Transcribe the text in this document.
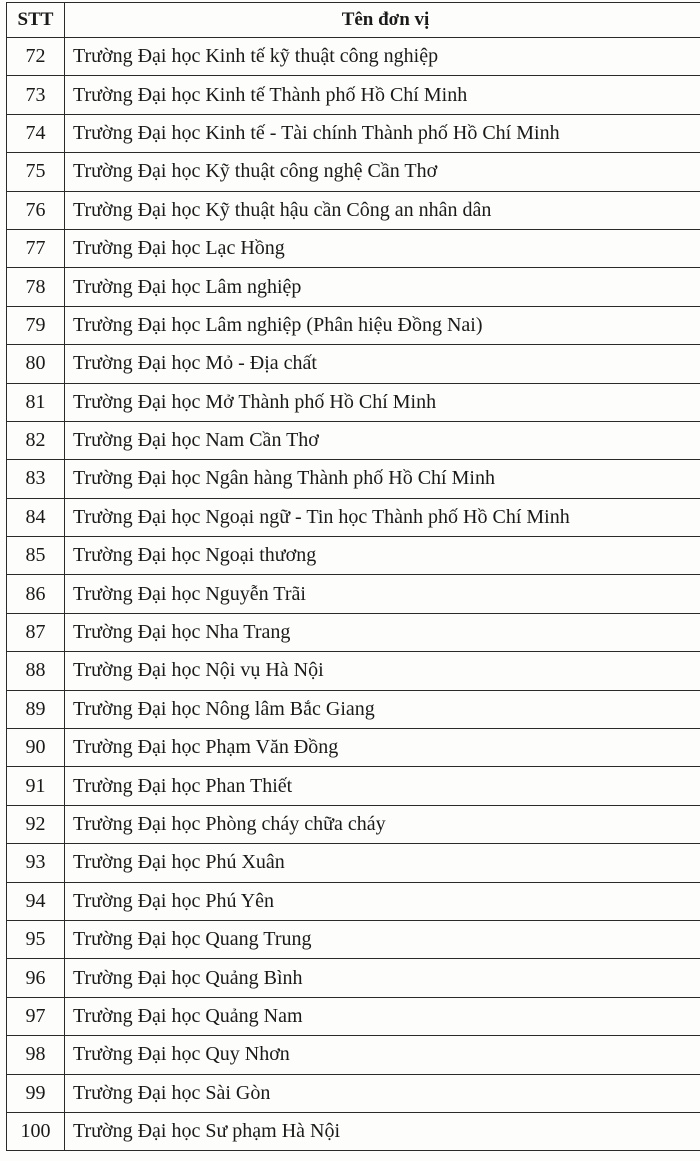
STT	Tên đơn vị
72	Trường Đại học Kinh tế kỹ thuật công nghiệp
73	Trường Đại học Kinh tế Thành phố Hồ Chí Minh
74	Trường Đại học Kinh tế - Tài chính Thành phố Hồ Chí Minh
75	Trường Đại học Kỹ thuật công nghệ Cần Thơ
76	Trường Đại học Kỹ thuật hậu cần Công an nhân dân
77	Trường Đại học Lạc Hồng
78	Trường Đại học Lâm nghiệp
79	Trường Đại học Lâm nghiệp (Phân hiệu Đồng Nai)
80	Trường Đại học Mỏ - Địa chất
81	Trường Đại học Mở Thành phố Hồ Chí Minh
82	Trường Đại học Nam Cần Thơ
83	Trường Đại học Ngân hàng Thành phố Hồ Chí Minh
84	Trường Đại học Ngoại ngữ - Tin học Thành phố Hồ Chí Minh
85	Trường Đại học Ngoại thương
86	Trường Đại học Nguyễn Trãi
87	Trường Đại học Nha Trang
88	Trường Đại học Nội vụ Hà Nội
89	Trường Đại học Nông lâm Bắc Giang
90	Trường Đại học Phạm Văn Đồng
91	Trường Đại học Phan Thiết
92	Trường Đại học Phòng cháy chữa cháy
93	Trường Đại học Phú Xuân
94	Trường Đại học Phú Yên
95	Trường Đại học Quang Trung
96	Trường Đại học Quảng Bình
97	Trường Đại học Quảng Nam
98	Trường Đại học Quy Nhơn
99	Trường Đại học Sài Gòn
100	Trường Đại học Sư phạm Hà Nội
